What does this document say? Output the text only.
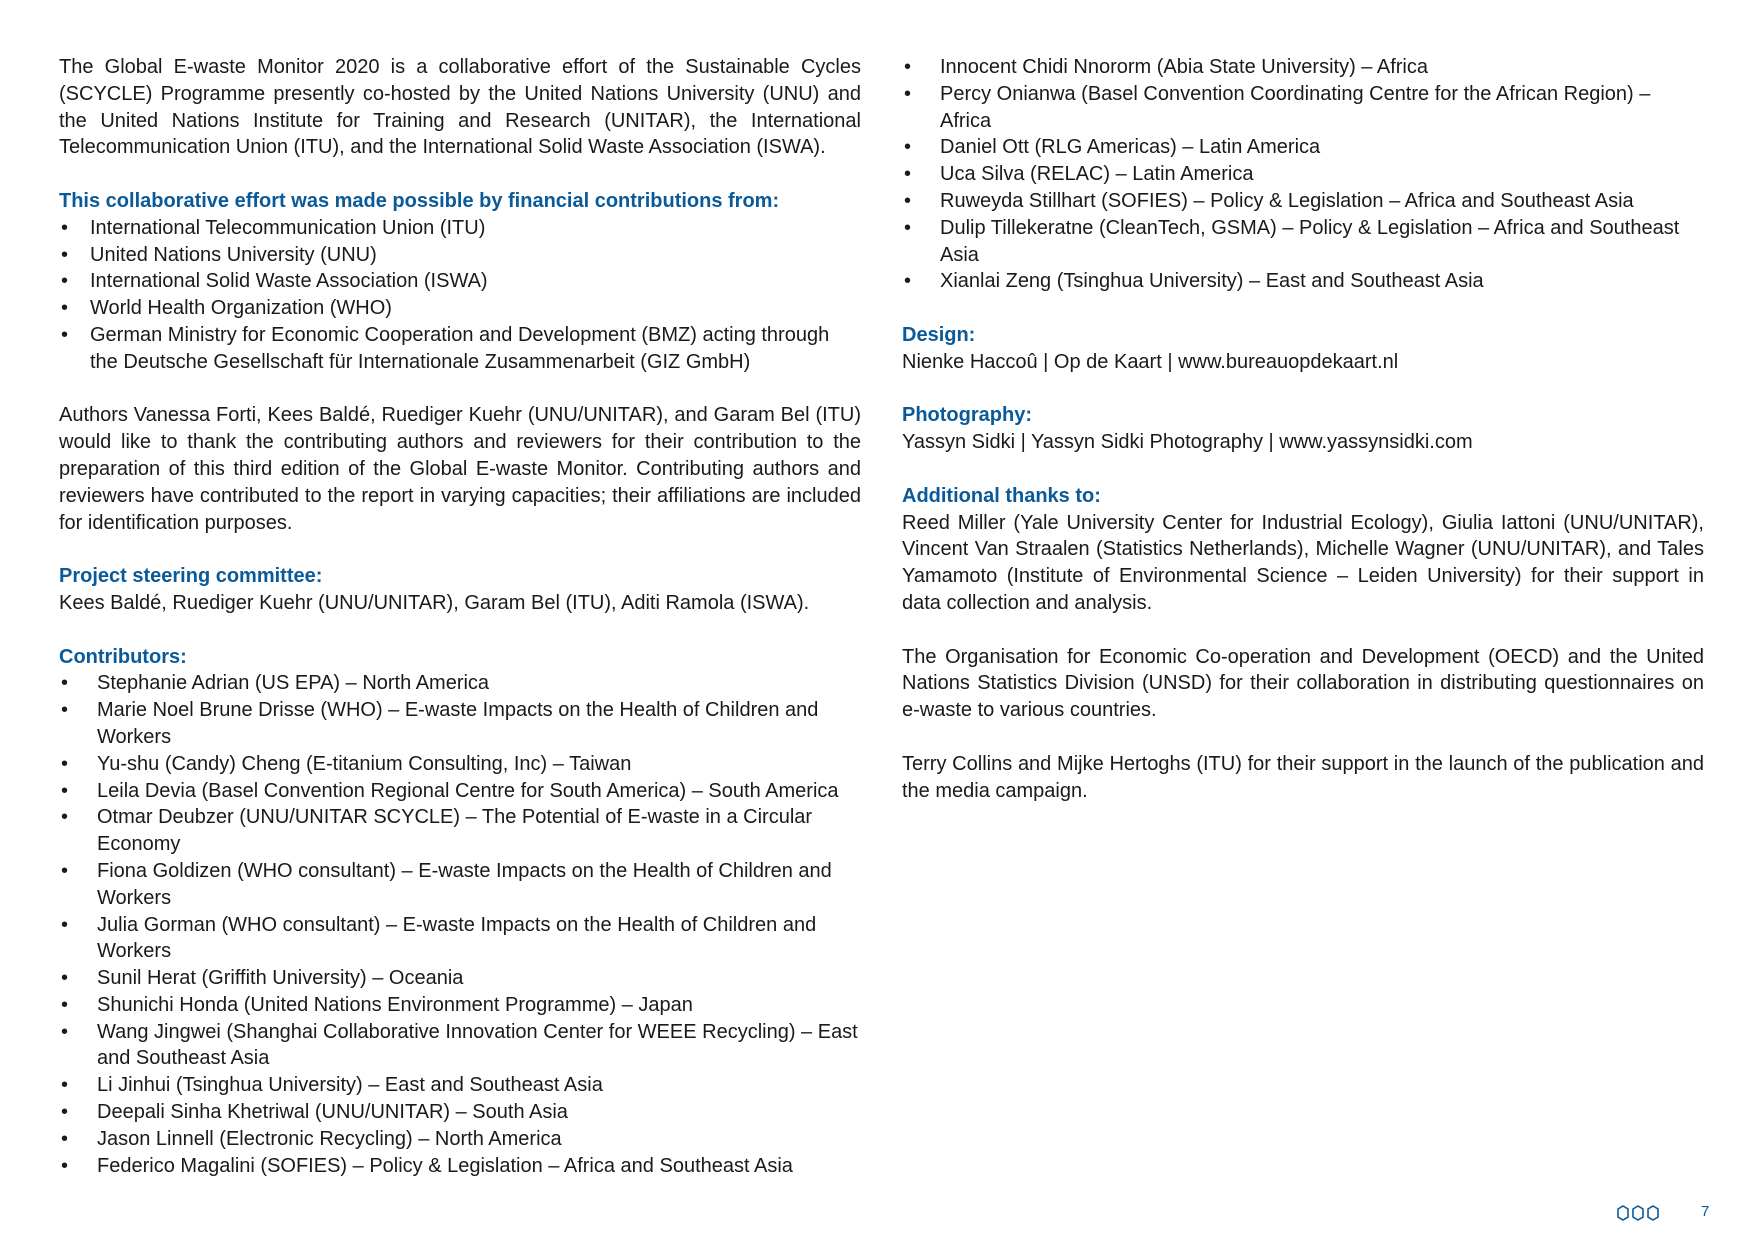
The Global E-waste Monitor 2020 is a collaborative effort of the Sustainable Cycles (SCYCLE) Programme presently co-hosted by the United Nations University (UNU) and the United Nations Institute for Training and Research (UNITAR), the International Telecommunication Union (ITU), and the International Solid Waste Association (ISWA).

This collaborative effort was made possible by financial contributions from:

• International Telecommunication Union (ITU)
• United Nations University (UNU)
• International Solid Waste Association (ISWA)
• World Health Organization (WHO)
• German Ministry for Economic Cooperation and Development (BMZ) acting through the Deutsche Gesellschaft für Internationale Zusammenarbeit (GIZ GmbH)

Authors Vanessa Forti, Kees Baldé, Ruediger Kuehr (UNU/UNITAR), and Garam Bel (ITU) would like to thank the contributing authors and reviewers for their contribution to the preparation of this third edition of the Global E-waste Monitor. Contributing authors and reviewers have contributed to the report in varying capacities; their affiliations are included for identification purposes.

Project steering committee:

Kees Baldé, Ruediger Kuehr (UNU/UNITAR), Garam Bel (ITU), Aditi Ramola (ISWA).

Contributors:

• Stephanie Adrian (US EPA) – North America
• Marie Noel Brune Drisse (WHO) – E-waste Impacts on the Health of Children and Workers
• Yu-shu (Candy) Cheng (E-titanium Consulting, Inc) – Taiwan
• Leila Devia (Basel Convention Regional Centre for South America) – South America
• Otmar Deubzer (UNU/UNITAR SCYCLE) – The Potential of E-waste in a Circular Economy
• Fiona Goldizen (WHO consultant) – E-waste Impacts on the Health of Children and Workers
• Julia Gorman (WHO consultant) – E-waste Impacts on the Health of Children and Workers
• Sunil Herat (Griffith University) – Oceania
• Shunichi Honda (United Nations Environment Programme) – Japan
• Wang Jingwei (Shanghai Collaborative Innovation Center for WEEE Recycling) – East and Southeast Asia
• Li Jinhui (Tsinghua University) – East and Southeast Asia
• Deepali Sinha Khetriwal (UNU/UNITAR) – South Asia
• Jason Linnell (Electronic Recycling) – North America
• Federico Magalini (SOFIES) – Policy & Legislation – Africa and Southeast Asia
• Innocent Chidi Nnororm (Abia State University) – Africa
• Percy Onianwa (Basel Convention Coordinating Centre for the African Region) – Africa
• Daniel Ott (RLG Americas) – Latin America
• Uca Silva (RELAC) – Latin America
• Ruweyda Stillhart (SOFIES) – Policy & Legislation – Africa and Southeast Asia
• Dulip Tillekeratne (CleanTech, GSMA) – Policy & Legislation – Africa and Southeast Asia
• Xianlai Zeng (Tsinghua University) – East and Southeast Asia

Design:

Nienke Haccoû | Op de Kaart | www.bureauopdekaart.nl

Photography:

Yassyn Sidki | Yassyn Sidki Photography | www.yassynsidki.com

Additional thanks to:

Reed Miller (Yale University Center for Industrial Ecology), Giulia Iattoni (UNU/UNITAR), Vincent Van Straalen (Statistics Netherlands), Michelle Wagner (UNU/UNITAR), and Tales Yamamoto (Institute of Environmental Science – Leiden University) for their support in data collection and analysis.

The Organisation for Economic Co-operation and Development (OECD) and the United Nations Statistics Division (UNSD) for their collaboration in distributing questionnaires on e-waste to various countries.

Terry Collins and Mijke Hertoghs (ITU) for their support in the launch of the publication and the media campaign.

7
